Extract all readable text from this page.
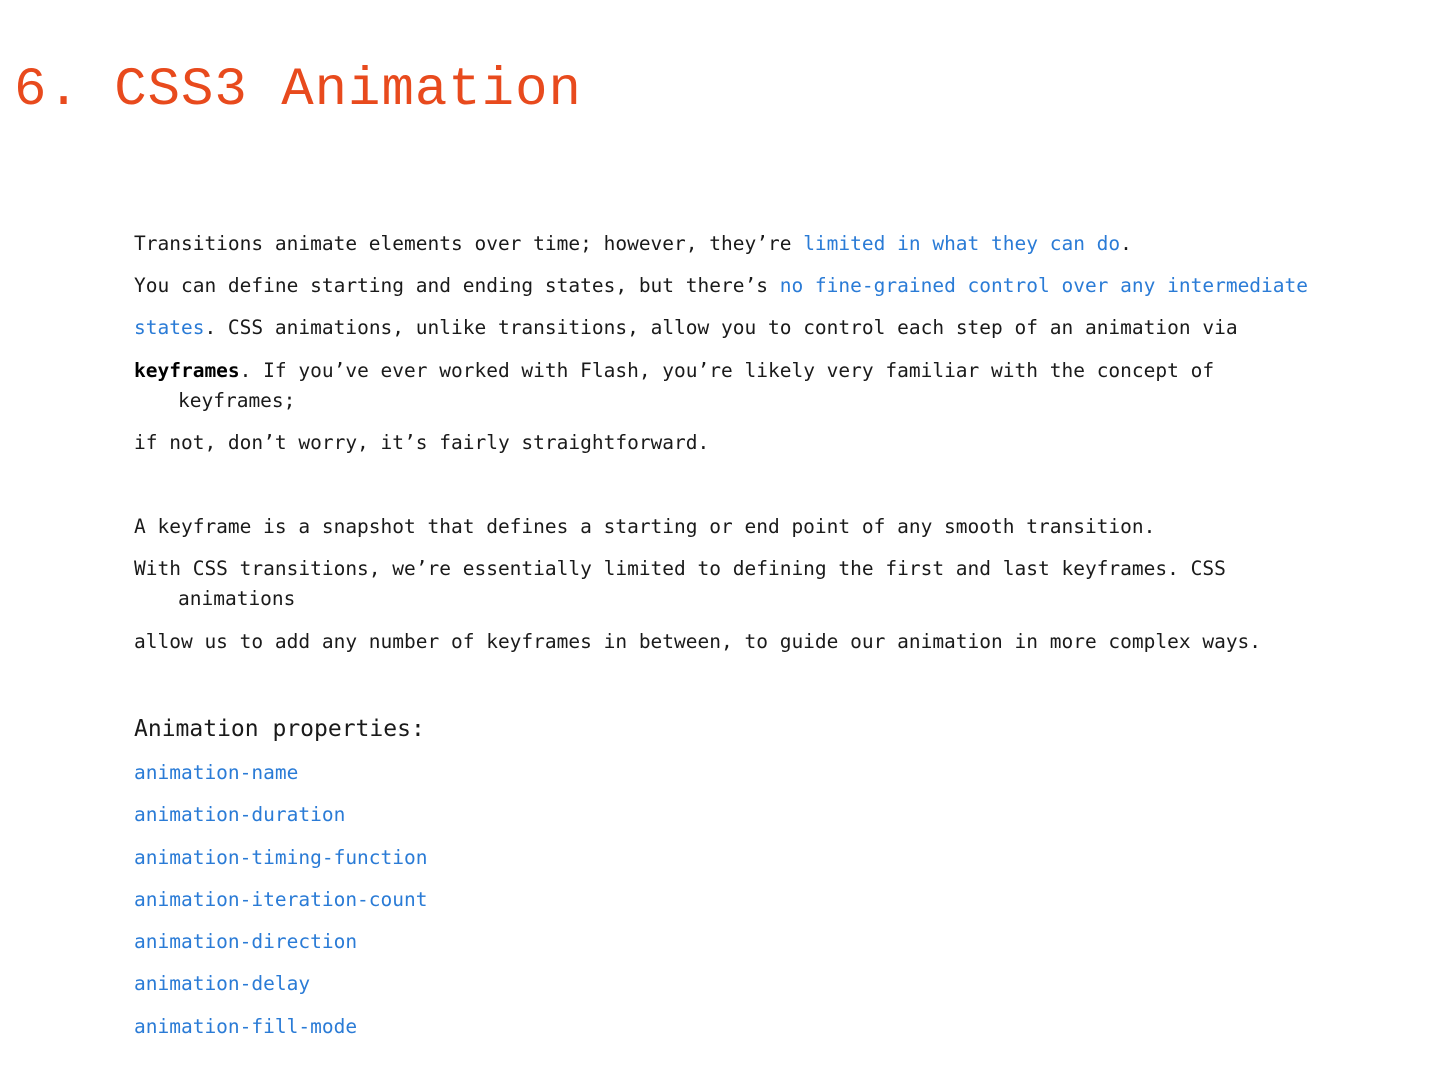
6. CSS3 Animation

Transitions animate elements over time; however, they’re limited in what they can do.

You can define starting and ending states, but there’s no fine-grained control over any intermediate

states. CSS animations, unlike transitions, allow you to control each step of an animation via

keyframes. If you’ve ever worked with Flash, you’re likely very familiar with the concept of

keyframes;

if not, don’t worry, it’s fairly straightforward.

A keyframe is a snapshot that defines a starting or end point of any smooth transition.

With CSS transitions, we’re essentially limited to defining the first and last keyframes. CSS

animations

allow us to add any number of keyframes in between, to guide our animation in more complex ways.

Animation properties:
animation-name
animation-duration
animation-timing-function
animation-iteration-count
animation-direction
animation-delay
animation-fill-mode
